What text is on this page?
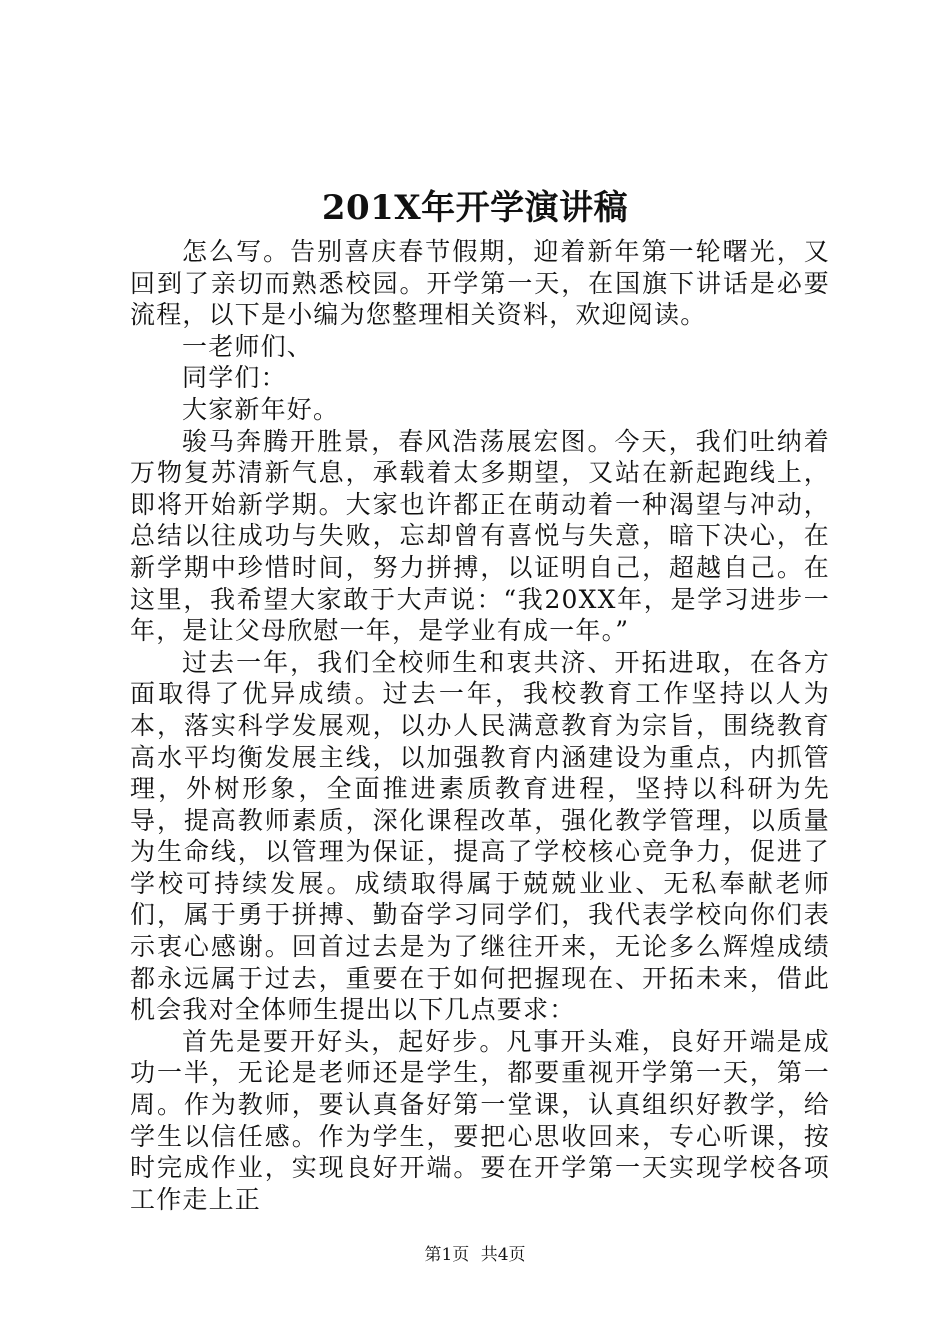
201X年开学演讲稿

怎么写。告别喜庆春节假期，迎着新年第一轮曙光，又回到了亲切而熟悉校园。开学第一天，在国旗下讲话是必要流程，以下是小编为您整理相关资料，欢迎阅读。

一老师们、

同学们：

大家新年好。

骏马奔腾开胜景，春风浩荡展宏图。今天，我们吐纳着万物复苏清新气息，承载着太多期望，又站在新起跑线上，即将开始新学期。大家也许都正在萌动着一种渴望与冲动，总结以往成功与失败，忘却曾有喜悦与失意，暗下决心，在新学期中珍惜时间，努力拼搏，以证明自己，超越自己。在这里，我希望大家敢于大声说：“我20XX年，是学习进步一年，是让父母欣慰一年，是学业有成一年。”

过去一年，我们全校师生和衷共济、开拓进取，在各方面取得了优异成绩。过去一年，我校教育工作坚持以人为本，落实科学发展观，以办人民满意教育为宗旨，围绕教育高水平均衡发展主线，以加强教育内涵建设为重点，内抓管理，外树形象，全面推进素质教育进程，坚持以科研为先导，提高教师素质，深化课程改革，强化教学管理，以质量为生命线，以管理为保证，提高了学校核心竞争力，促进了学校可持续发展。成绩取得属于兢兢业业、无私奉献老师们，属于勇于拼搏、勤奋学习同学们，我代表学校向你们表示衷心感谢。回首过去是为了继往开来，无论多么辉煌成绩都永远属于过去，重要在于如何把握现在、开拓未来，借此机会我对全体师生提出以下几点要求：

首先是要开好头，起好步。凡事开头难，良好开端是成功一半，无论是老师还是学生，都要重视开学第一天，第一周。作为教师，要认真备好第一堂课，认真组织好教学，给学生以信任感。作为学生，要把心思收回来，专心听课，按时完成作业，实现良好开端。要在开学第一天实现学校各项工作走上正

第1页 共4页
